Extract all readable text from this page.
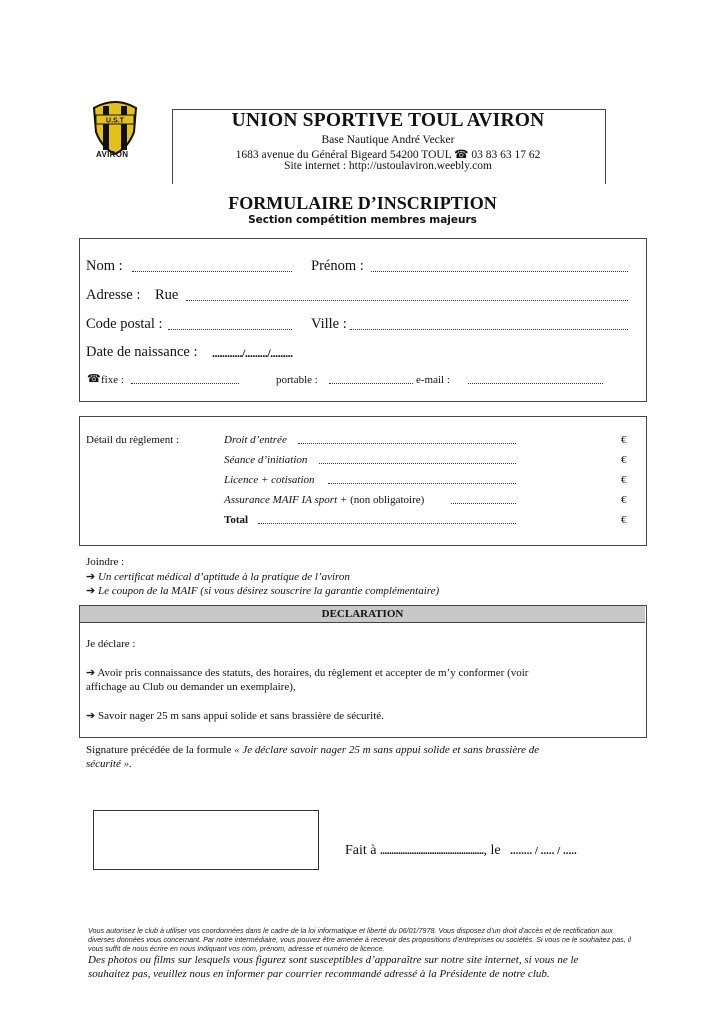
U.S.T
AVIRON
UNION SPORTIVE TOUL AVIRON
Base Nautique André Vecker
1683 avenue du Général Bigeard 54200 TOUL ☎ 03 83 63 17 62
Site internet : http://ustoulaviron.weebly.com
FORMULAIRE D’INSCRIPTION
Section compétition membres majeurs
Nom :	Prénom :
Adresse : Rue
Code postal :	Ville :
Date de naissance : ............/........./.........
☎ fixe :	portable :	e-mail :
Détail du règlement :	Droit d’entrée	€
Séance d’initiation	€
Licence + cotisation	€
Assurance MAIF IA sport + (non obligatoire)	€
Total	€
Joindre :
➔ Un certificat médical d’aptitude à la pratique de l’aviron
➔ Le coupon de la MAIF (si vous désirez souscrire la garantie complémentaire)
DECLARATION
Je déclare :
➔ Avoir pris connaissance des statuts, des horaires, du règlement et accepter de m’y conformer (voir
affichage au Club ou demander un exemplaire),
➔ Savoir nager 25 m sans appui solide et sans brassière de sécurité.
Signature précédée de la formule « Je déclare savoir nager 25 m sans appui solide et sans brassière de
sécurité ».
Fait à .............................................., le ........ / ..... / .....
Vous autorisez le club à utiliser vos coordonnées dans le cadre de la loi informatique et liberté du 06/01/7978. Vous disposez d’un droit d’accès et de rectification aux
diverses données vous concernant. Par notre intermédiaire, vous pouvez être amenée à recevoir des propositions d’entreprises ou sociétés. Si vous ne le souhaitez pas, il
vous suffit de nous écrire en nous indiquant vos nom, prénom, adresse et numéro de licence.
Des photos ou films sur lesquels vous figurez sont susceptibles d’apparaître sur notre site internet, si vous ne le
souhaitez pas, veuillez nous en informer par courrier recommandé adressé à la Présidente de notre club.
